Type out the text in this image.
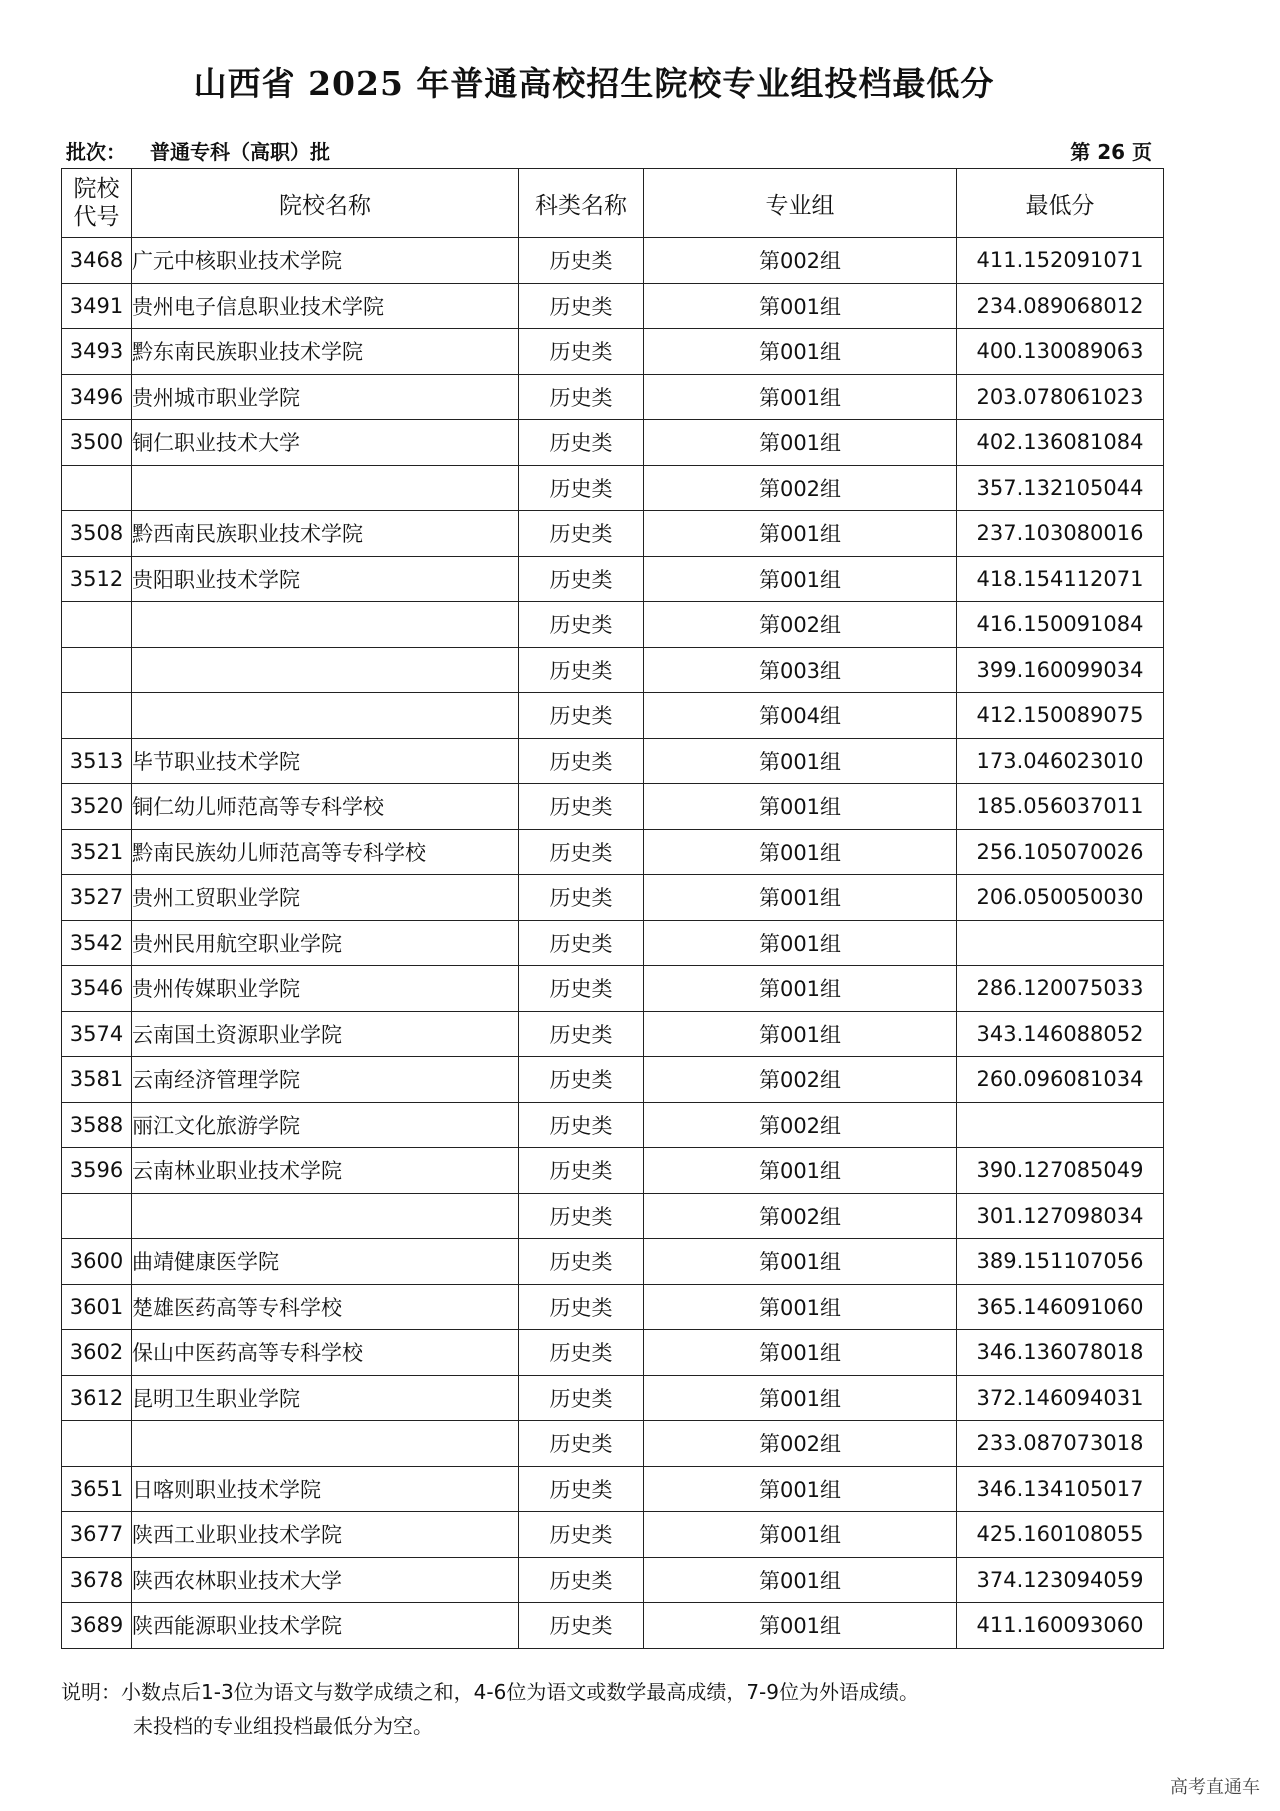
山西省 2025 年普通高校招生院校专业组投档最低分
批次： 普通专科（高职）批	第 26 页
院校
代号	院校名称	科类名称	专业组	最低分
3468	广元中核职业技术学院	历史类	第002组	411.152091071
3491	贵州电子信息职业技术学院	历史类	第001组	234.089068012
3493	黔东南民族职业技术学院	历史类	第001组	400.130089063
3496	贵州城市职业学院	历史类	第001组	203.078061023
3500	铜仁职业技术大学	历史类	第001组	402.136081084
		历史类	第002组	357.132105044
3508	黔西南民族职业技术学院	历史类	第001组	237.103080016
3512	贵阳职业技术学院	历史类	第001组	418.154112071
		历史类	第002组	416.150091084
		历史类	第003组	399.160099034
		历史类	第004组	412.150089075
3513	毕节职业技术学院	历史类	第001组	173.046023010
3520	铜仁幼儿师范高等专科学校	历史类	第001组	185.056037011
3521	黔南民族幼儿师范高等专科学校	历史类	第001组	256.105070026
3527	贵州工贸职业学院	历史类	第001组	206.050050030
3542	贵州民用航空职业学院	历史类	第001组	
3546	贵州传媒职业学院	历史类	第001组	286.120075033
3574	云南国土资源职业学院	历史类	第001组	343.146088052
3581	云南经济管理学院	历史类	第002组	260.096081034
3588	丽江文化旅游学院	历史类	第002组	
3596	云南林业职业技术学院	历史类	第001组	390.127085049
		历史类	第002组	301.127098034
3600	曲靖健康医学院	历史类	第001组	389.151107056
3601	楚雄医药高等专科学校	历史类	第001组	365.146091060
3602	保山中医药高等专科学校	历史类	第001组	346.136078018
3612	昆明卫生职业学院	历史类	第001组	372.146094031
		历史类	第002组	233.087073018
3651	日喀则职业技术学院	历史类	第001组	346.134105017
3677	陕西工业职业技术学院	历史类	第001组	425.160108055
3678	陕西农林职业技术大学	历史类	第001组	374.123094059
3689	陕西能源职业技术学院	历史类	第001组	411.160093060
说明：小数点后1-3位为语文与数学成绩之和，4-6位为语文或数学最高成绩，7-9位为外语成绩。
未投档的专业组投档最低分为空。
高考直通车
